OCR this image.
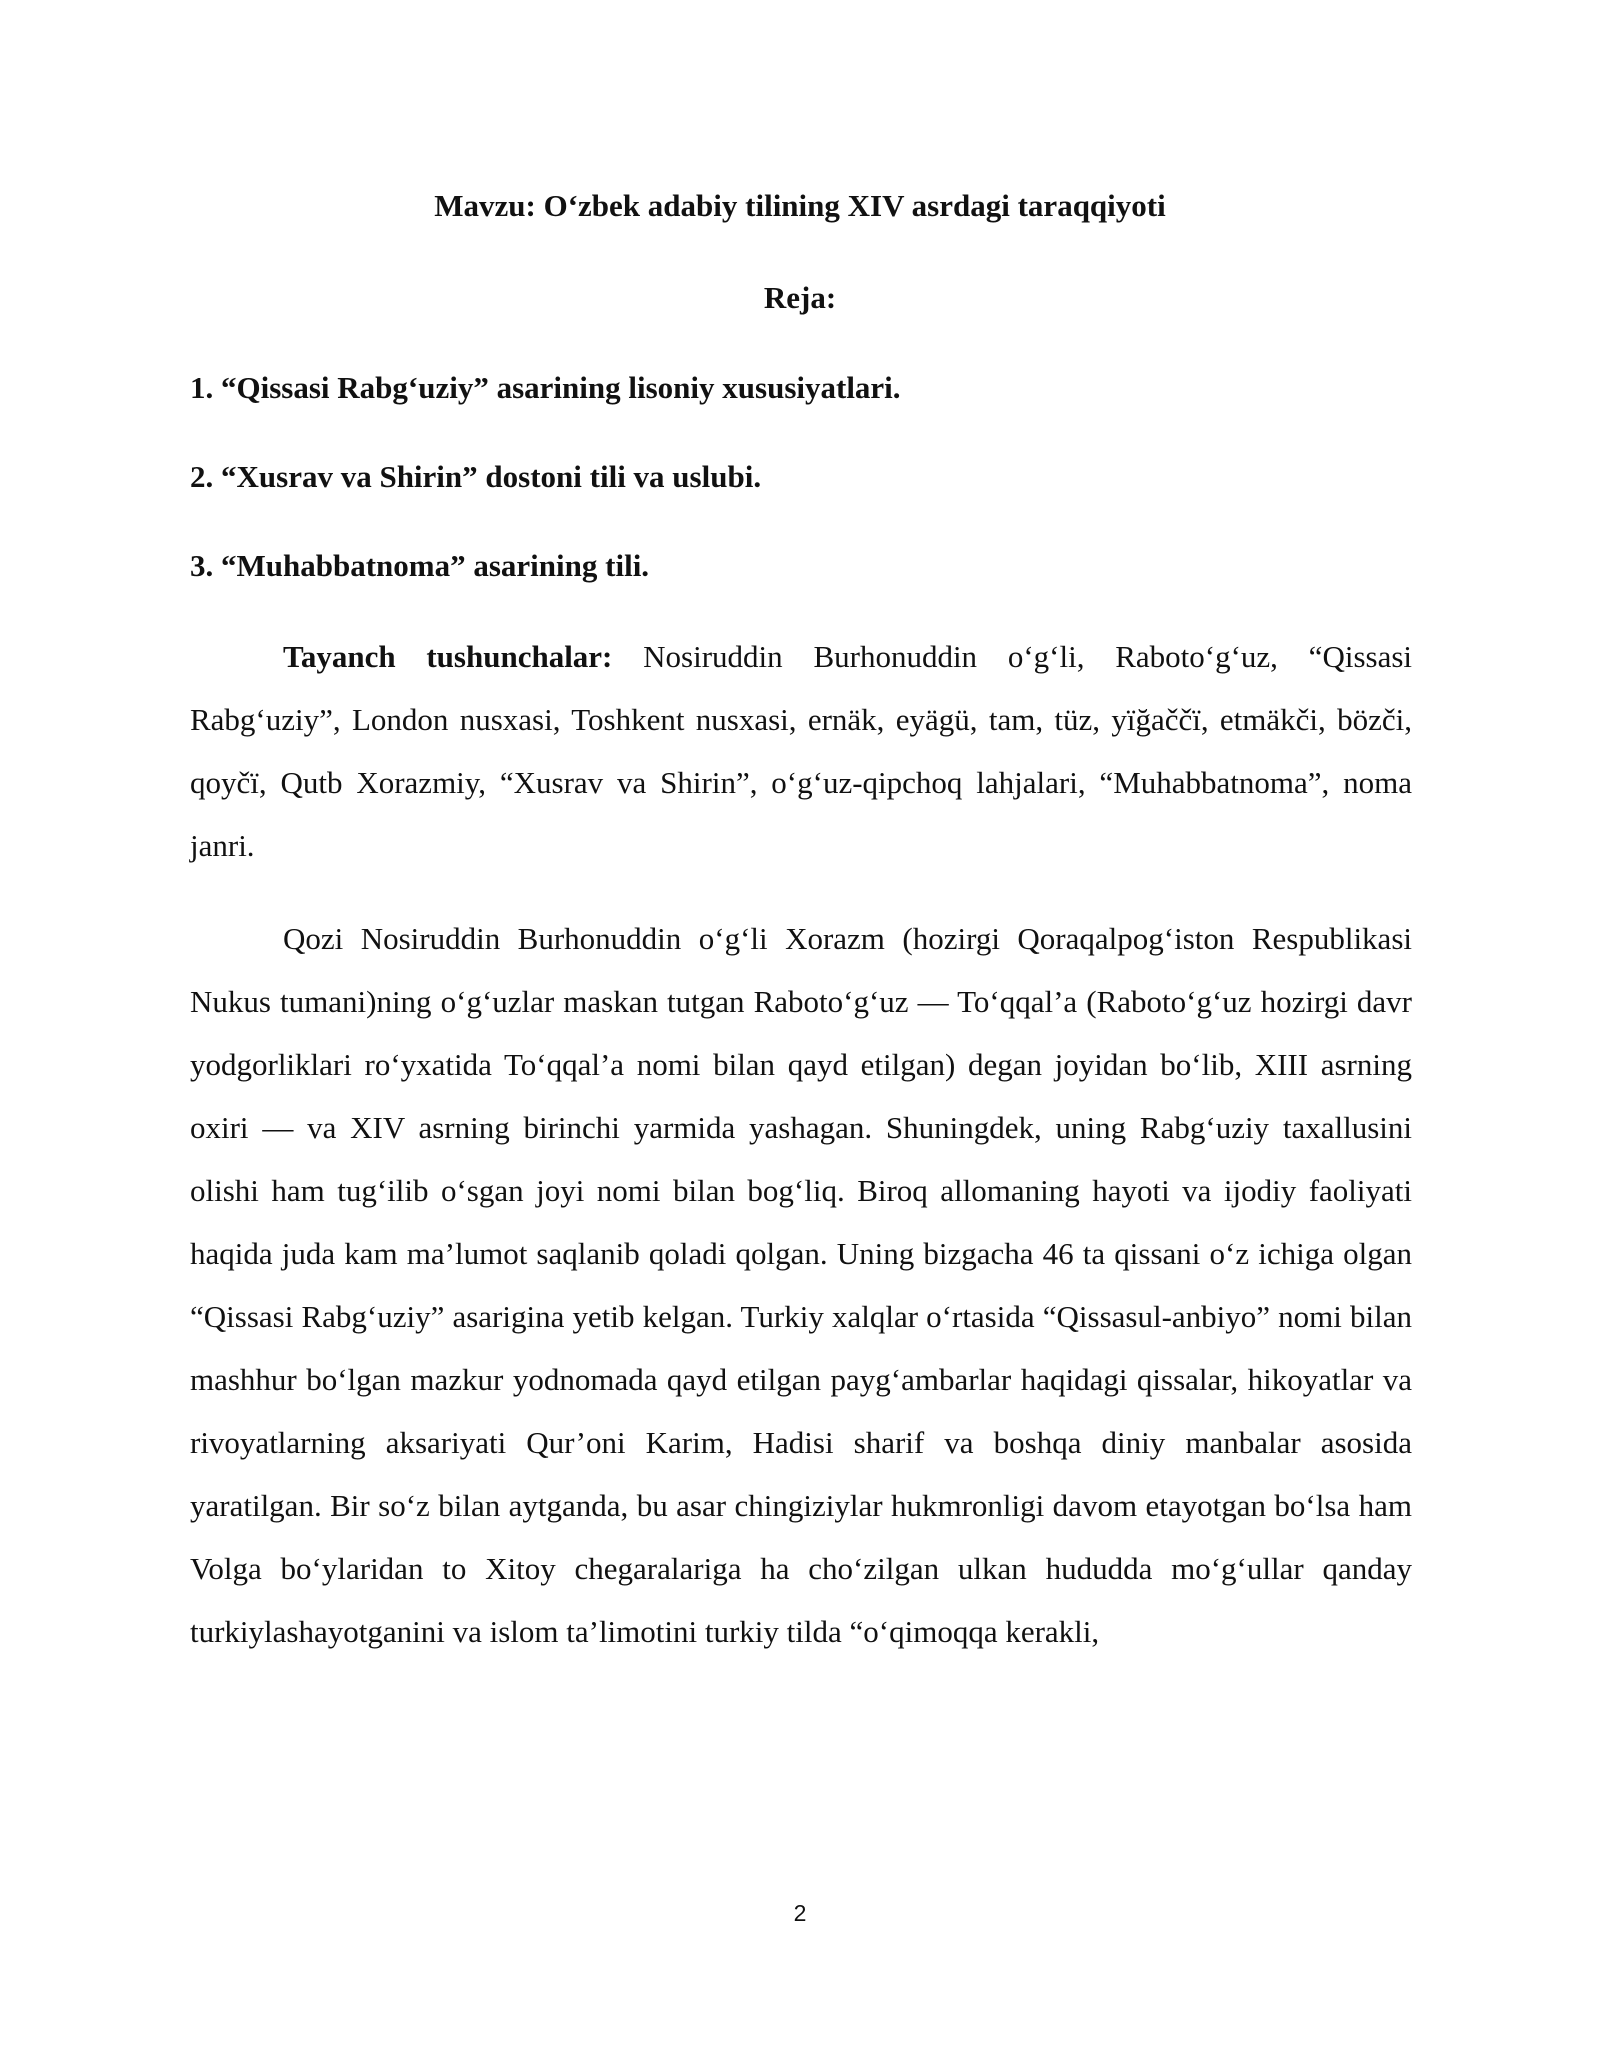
Mavzu: O‘zbek adabiy tilining XIV asrdagi taraqqiyoti
Reja:
1. “Qissasi Rabg‘uziy” asarining lisoniy xususiyatlari.
2. “Xusrav va Shirin” dostoni tili va uslubi.
3. “Muhabbatnoma” asarining tili.

Tayanch tushunchalar: Nosiruddin Burhonuddin o‘g‘li, Raboto‘g‘uz, “Qissasi Rabg‘uziy”, London nusxasi, Toshkent nusxasi, ernäk, eyägü, tam, tüz, yïğaččï, etmäkči, bözči, qoyčï, Qutb Xorazmiy, “Xusrav va Shirin”, o‘g‘uz-qipchoq lahjalari, “Muhabbatnoma”, noma janri.

Qozi Nosiruddin Burhonuddin o‘g‘li Xorazm (hozirgi Qoraqalpog‘iston Respublikasi Nukus tumani)ning o‘g‘uzlar maskan tutgan Raboto‘g‘uz — To‘qqal’a (Raboto‘g‘uz hozirgi davr yodgorliklari ro‘yxatida To‘qqal’a nomi bilan qayd etilgan) degan joyidan bo‘lib, XIII asrning oxiri — va XIV asrning birinchi yarmida yashagan. Shuningdek, uning Rabg‘uziy taxallusini olishi ham tug‘ilib o‘sgan joyi nomi bilan bog‘liq. Biroq allomaning hayoti va ijodiy faoliyati haqida juda kam ma’lumot saqlanib qoladi qolgan. Uning bizgacha 46 ta qissani o‘z ichiga olgan “Qissasi Rabg‘uziy” asarigina yetib kelgan. Turkiy xalqlar o‘rtasida “Qissasul-anbiyo” nomi bilan mashhur bo‘lgan mazkur yodnomada qayd etilgan payg‘ambarlar haqidagi qissalar, hikoyatlar va rivoyatlarning aksariyati Qur’oni Karim, Hadisi sharif va boshqa diniy manbalar asosida yaratilgan. Bir so‘z bilan aytganda, bu asar chingiziylar hukmronligi davom etayotgan bo‘lsa ham Volga bo‘ylaridan to Xitoy chegaralariga ha cho‘zilgan ulkan hududda mo‘g‘ullar qanday turkiylashayotganini va islom ta’limotini turkiy tilda “o‘qimoqqa kerakli,

2
